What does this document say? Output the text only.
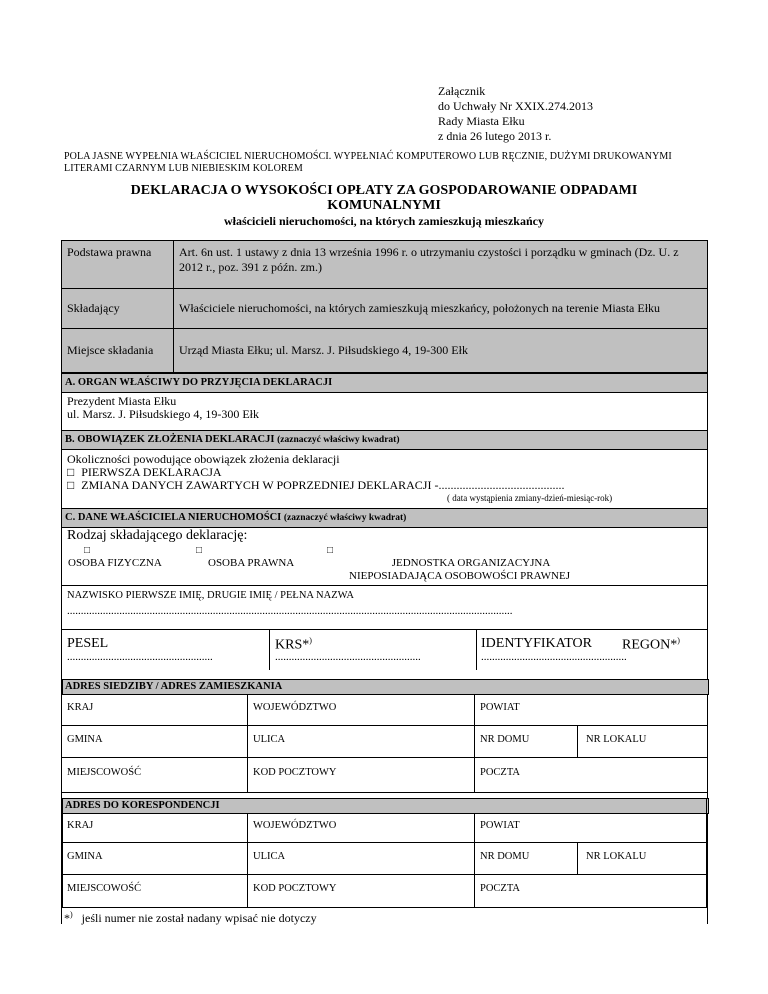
Załącznik
do Uchwały Nr XXIX.274.2013
Rady Miasta Ełku
z dnia 26 lutego 2013 r.
POLA JASNE WYPEŁNIA WŁAŚCICIEL NIERUCHOMOŚCI. WYPEŁNIAĆ KOMPUTEROWO LUB RĘCZNIE, DUŻYMI DRUKOWANYMI LITERAMI CZARNYM LUB NIEBIESKIM KOLOREM
DEKLARACJA O WYSOKOŚCI OPŁATY ZA GOSPODAROWANIE ODPADAMI
KOMUNALNYMI
właścicieli nieruchomości, na których zamieszkują mieszkańcy
Podstawa prawna	Art. 6n ust. 1 ustawy z dnia 13 września 1996 r. o utrzymaniu czystości i porządku w gminach (Dz. U. z 2012 r., poz. 391 z późn. zm.)
Składający	Właściciele nieruchomości, na których zamieszkują mieszkańcy, położonych na terenie Miasta Ełku
Miejsce składania	Urząd Miasta Ełku; ul. Marsz. J. Piłsudskiego 4, 19-300 Ełk
A. ORGAN WŁAŚCIWY DO PRZYJĘCIA DEKLARACJI
Prezydent Miasta Ełku
ul. Marsz. J. Piłsudskiego 4, 19-300 Ełk
B. OBOWIĄZEK ZŁOŻENIA DEKLARACJI (zaznaczyć właściwy kwadrat)
Okoliczności powodujące obowiązek złożenia deklaracji
□ PIERWSZA DEKLARACJA
□ ZMIANA DANYCH ZAWARTYCH W POPRZEDNIEJ DEKLARACJI -..........................................
( data wystąpienia zmiany-dzień-miesiąc-rok)
C. DANE WŁAŚCICIELA NIERUCHOMOŚCI (zaznaczyć właściwy kwadrat)
Rodzaj składającego deklarację:
□
OSOBA FIZYCZNA
□
OSOBA PRAWNA
□
JEDNOSTKA ORGANIZACYJNA
NIEPOSIADAJĄCA OSOBOWOŚCI PRAWNEJ
NAZWISKO PIERWSZE IMIĘ, DRUGIE IMIĘ / PEŁNA NAZWA
..................................................................................................................................................................
PESEL
.....................................................
KRS*)
.....................................................
IDENTYFIKATOR REGON*)
.....................................................
ADRES SIEDZIBY / ADRES ZAMIESZKANIA
KRAJ	WOJEWÓDZTWO	POWIAT
GMINA	ULICA	NR DOMU	NR LOKALU
MIEJSCOWOŚĆ	KOD POCZTOWY	POCZTA
ADRES DO KORESPONDENCJI
KRAJ	WOJEWÓDZTWO	POWIAT
GMINA	ULICA	NR DOMU	NR LOKALU
MIEJSCOWOŚĆ	KOD POCZTOWY	POCZTA
*) jeśli numer nie został nadany wpisać nie dotyczy
